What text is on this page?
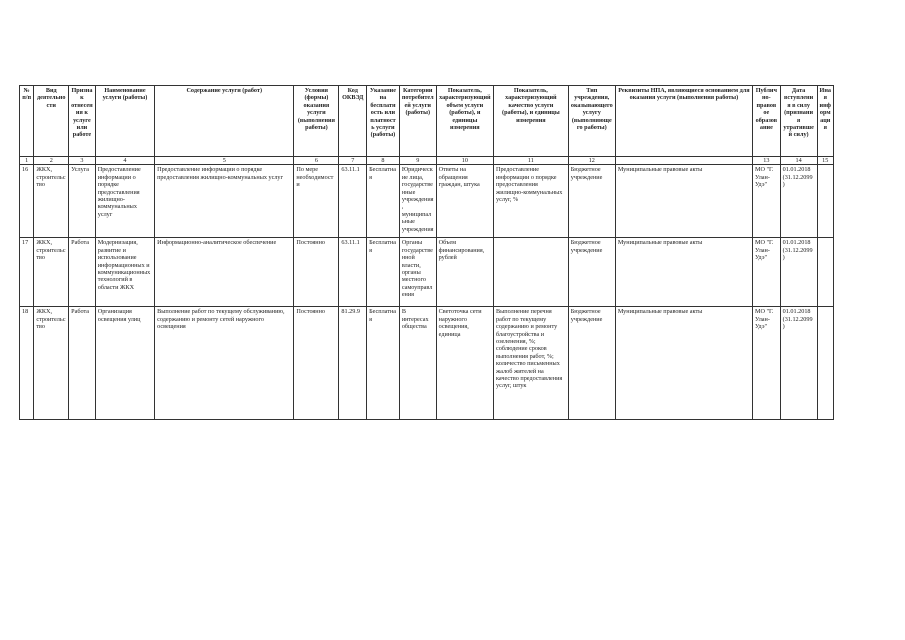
№ п/п	Вид деятельности	Признак отнесения к услуге или работе	Наименование услуги (работы)	Содержание услуги (работ)	Условия (формы) оказания услуги (выполнения работы)	Код ОКВЭД	Указание на бесплатность или платность услуги (работы)	Категории потребителей услуги (работы)	Показатель, характеризующий объем услуги (работы), и единицы измерения	Показатель, характеризующий качество услуги (работы), и единицы измерения	Тип учреждения, оказывающего услугу (выполняющего работы)	Реквизиты НПА, являющиеся основанием для оказания услуги (выполнения работы)	Публично-правовое образование	Дата вступления в силу (признания утратившей силу)	Иная информация
1	2	3	4	5	6	7	8	9	10	11	12		13	14	15
16	ЖКХ, строительство	Услуга	Предоставление информации о порядке предоставления жилищно-коммунальных услуг	Предоставление информации о порядке предоставления жилищно-коммунальных услуг	По мере необходимости	63.11.1	Бесплатная	Юридические лица, государственные учреждения, муниципальные учреждения	Ответы на обращения граждан, штука	Предоставление информации о порядке предоставления жилищно-коммунальных услуг, %	Бюджетное учреждение	Муниципальные правовые акты	МО "Г. Улан-Удэ"	01.01.2018 (31.12.2099)	
17	ЖКХ, строительство	Работа	Модернизация, развитие и использование информационных и коммуникационных технологий в области ЖКХ	Информационно-аналитическое обеспечение	Постоянно	63.11.1	Бесплатная	Органы государственной власти, органы местного самоуправления	Объем финансирования, рублей		Бюджетное учреждение	Муниципальные правовые акты	МО "Г. Улан-Удэ"	01.01.2018 (31.12.2099)	
18	ЖКХ, строительство	Работа	Организация освещения улиц	Выполнение работ по текущему обслуживанию, содержанию и ремонту сетей наружного освещения	Постоянно	81.29.9	Бесплатная	В интересах общества	Светоточка сети наружного освещения, единица	Выполнение перечня работ по текущему содержанию и ремонту благоустройства и озеленения, %; соблюдение сроков выполнения работ, %; количество письменных жалоб жителей на качество предоставления услуг, штук	Бюджетное учреждение	Муниципальные правовые акты	МО "Г. Улан-Удэ"	01.01.2018 (31.12.2099)	
